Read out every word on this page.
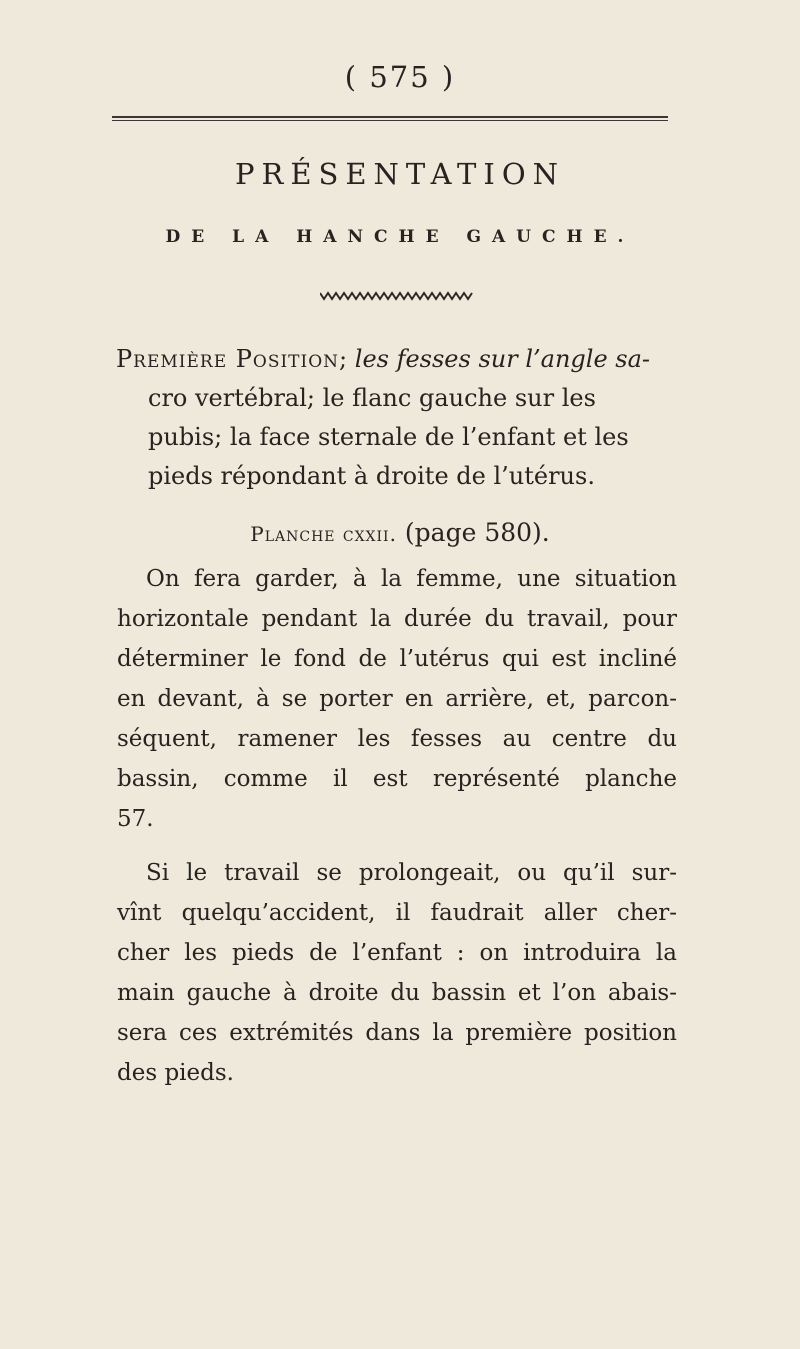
( 575 )
PRÉSENTATION
DE LA HANCHE GAUCHE.
Première Position; les fesses sur l’angle sa-
cro vertébral; le flanc gauche sur les
pubis; la face sternale de l’enfant et les
pieds répondant à droite de l’utérus.
Planche cxxii. (page 580).
On fera garder, à la femme, une situation
horizontale pendant la durée du travail, pour
déterminer le fond de l’utérus qui est incliné
en devant, à se porter en arrière, et, parcon-
séquent, ramener les fesses au centre du
bassin, comme il est représenté planche
57.
Si le travail se prolongeait, ou qu’il sur-
vînt quelqu’accident, il faudrait aller cher-
cher les pieds de l’enfant : on introduira la
main gauche à droite du bassin et l’on abais-
sera ces extrémités dans la première position
des pieds.
